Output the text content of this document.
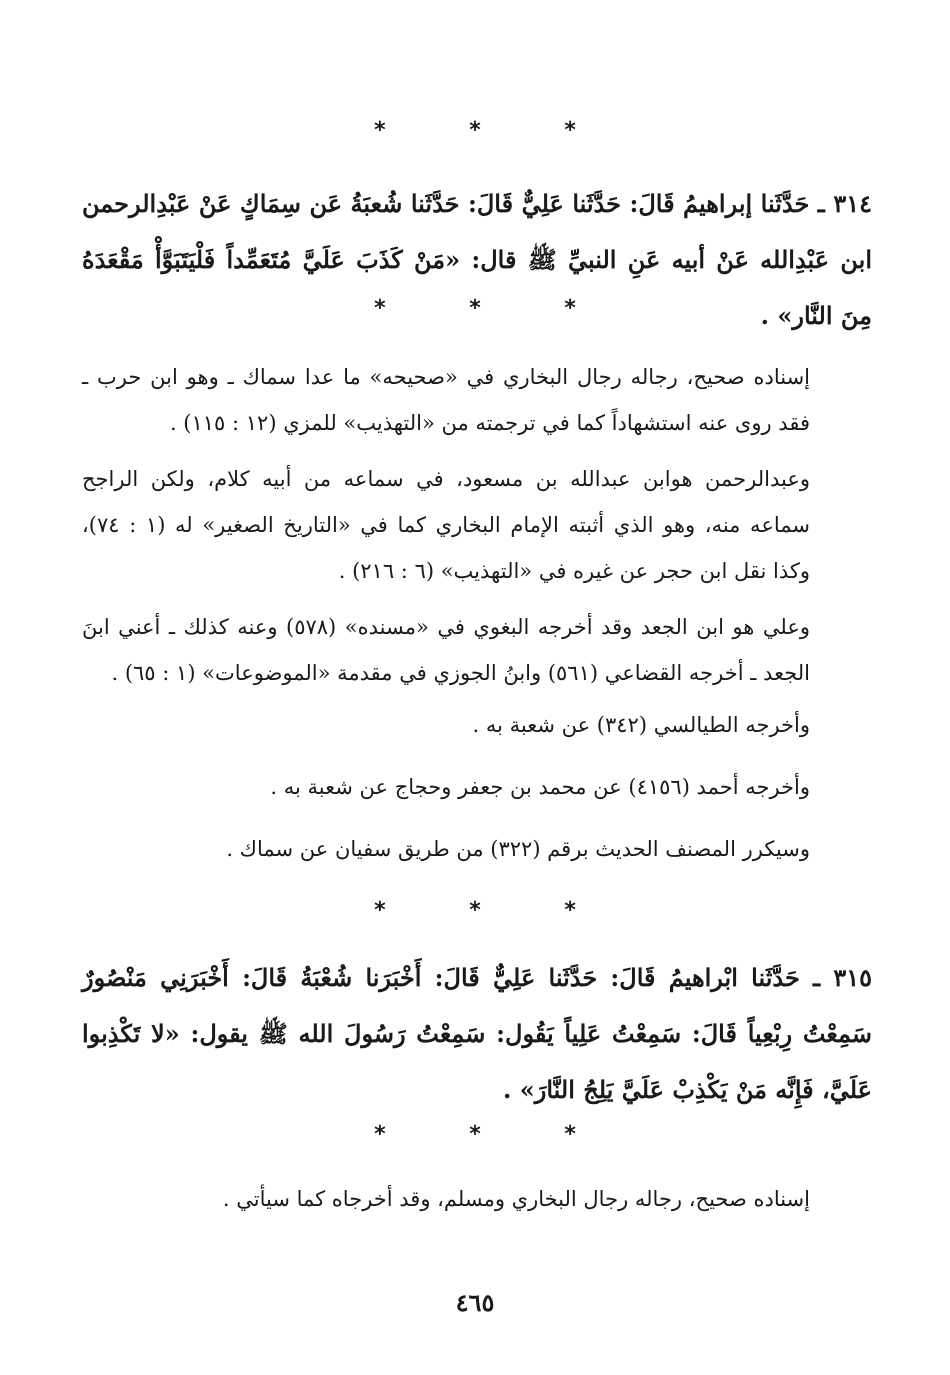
* * *
٣١٤ ـ حَدَّثَنا إبراهيمُ قَالَ: حَدَّثَنا عَلِيٌّ قَالَ: حَدَّثَنا شُعبَةُ عَن سِمَاكٍ عَنْ عَبْدِالرحمن ابن عَبْدِالله عَنْ أبيه عَنِ النبيِّ ﷺ قال: «مَنْ كَذَبَ عَلَيَّ مُتَعَمِّداً فَلْيَتَبَوَّأْ مَقْعَدَهُ مِنَ النَّار» .
* * *
إسناده صحيح، رجاله رجال البخاري في «صحيحه» ما عدا سماك ـ وهو ابن حرب ـ فقد روى عنه استشهاداً كما في ترجمته من «التهذيب» للمزي (١٢ : ١١٥) .
وعبدالرحمن هوابن عبدالله بن مسعود، في سماعه من أبيه كلام، ولكن الراجح سماعه منه، وهو الذي أثبته الإمام البخاري كما في «التاريخ الصغير» له (١ : ٧٤)، وكذا نقل ابن حجر عن غيره في «التهذيب» (٦ : ٢١٦) .
وعلي هو ابن الجعد وقد أخرجه البغوي في «مسنده» (٥٧٨) وعنه كذلك ـ أعني ابنَ الجعد ـ أخرجه القضاعي (٥٦١) وابنُ الجوزي في مقدمة «الموضوعات» (١ : ٦٥) .
وأخرجه الطيالسي (٣٤٢) عن شعبة به .
وأخرجه أحمد (٤١٥٦) عن محمد بن جعفر وحجاج عن شعبة به .
وسيكرر المصنف الحديث برقم (٣٢٢) من طريق سفيان عن سماك .
* * *
٣١٥ ـ حَدَّثَنا ابْراهيمُ قَالَ: حَدَّثَنا عَلِيٌّ قَالَ: أَخْبَرَنا شُعْبَةُ قَالَ: أَخْبَرَنِي مَنْصُورٌ سَمِعْتُ رِبْعِياً قَالَ: سَمِعْتُ عَلِياً يَقُول: سَمِعْتُ رَسُولَ الله ﷺ يقول: «لا تَكْذِبوا عَلَيَّ، فَإِنَّه مَنْ يَكْذِبْ عَلَيَّ يَلِجُ النَّارَ» .
* * *
إسناده صحيح، رجاله رجال البخاري ومسلم، وقد أخرجاه كما سيأتي .
٤٦٥
